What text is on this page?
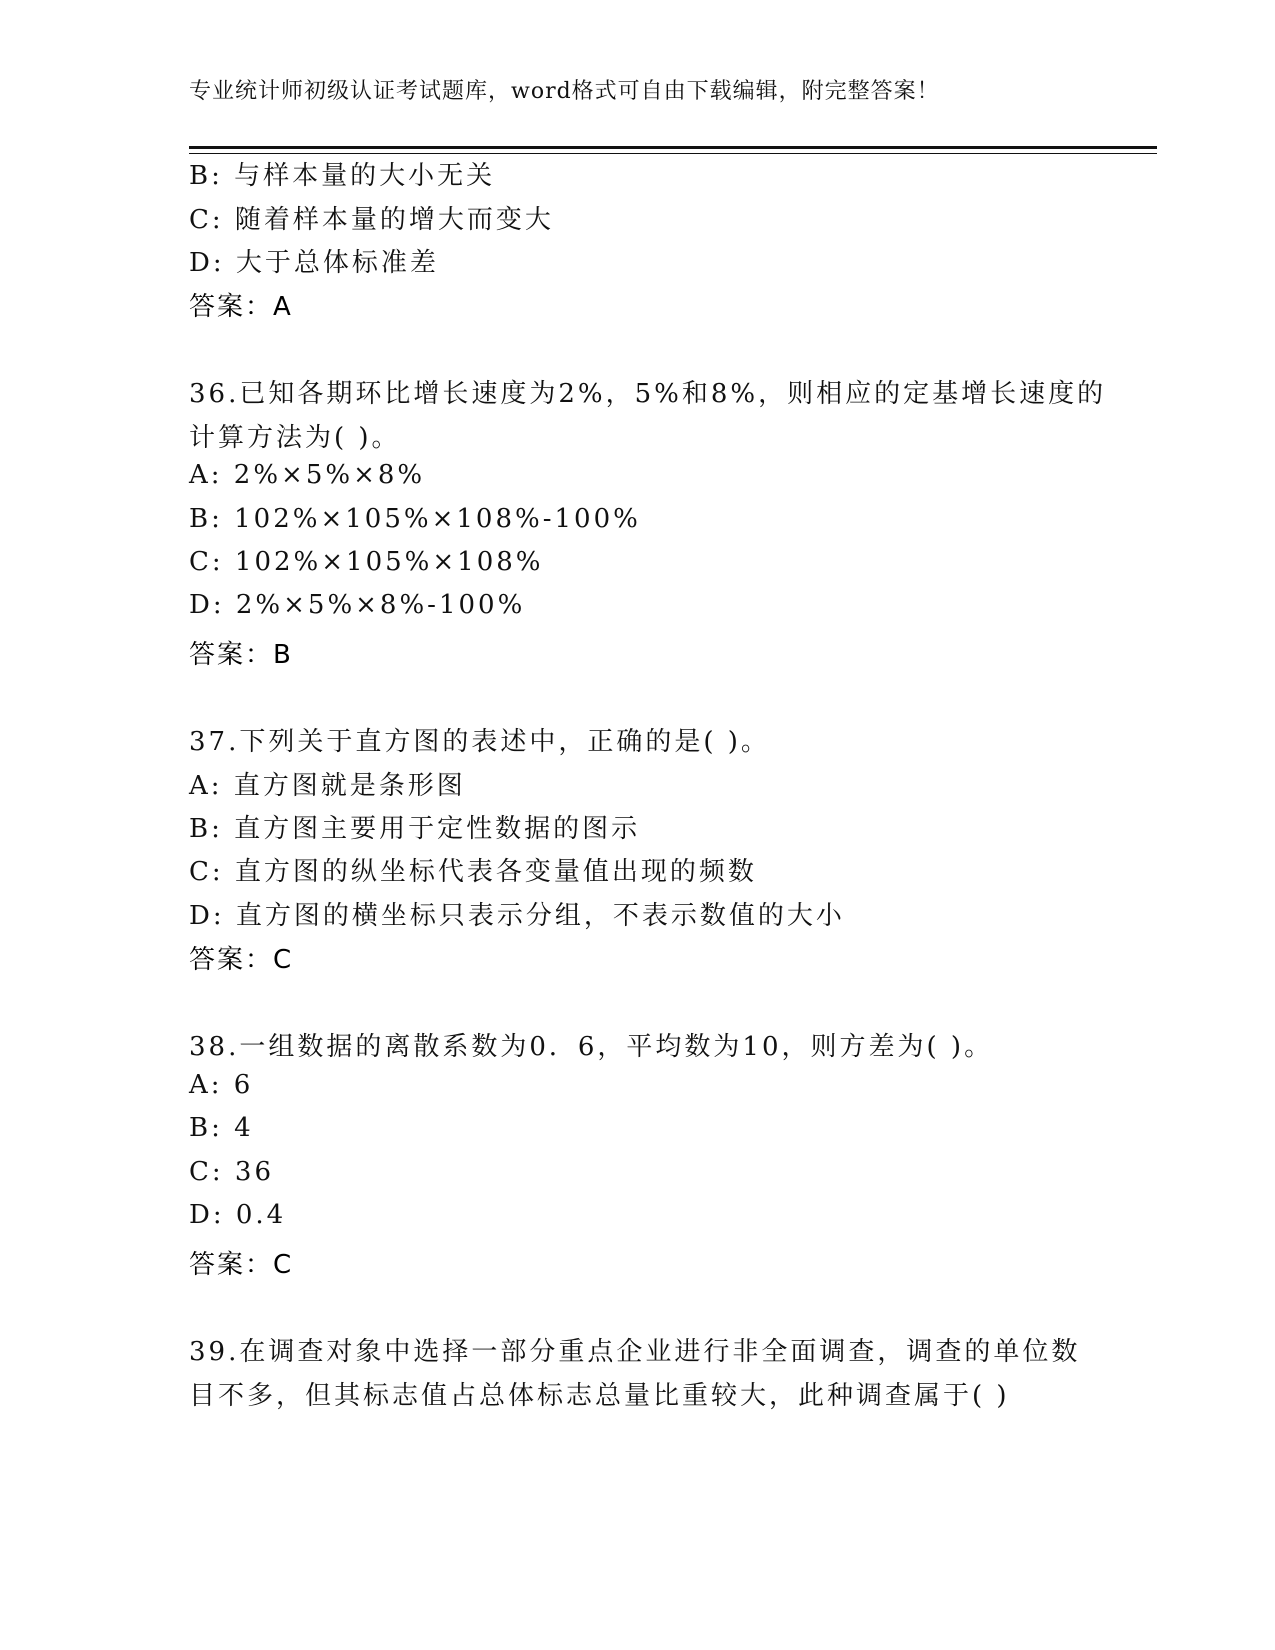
专业统计师初级认证考试题库，word格式可自由下载编辑，附完整答案！
B: 与样本量的大小无关
C: 随着样本量的增大而变大
D: 大于总体标准差
答案：A
36.已知各期环比增长速度为2%，5%和8%，则相应的定基增长速度的
计算方法为( )。
A: 2%×5%×8%
B: 102%×105%×108%-100%
C: 102%×105%×108%
D: 2%×5%×8%-100%
答案：B
37.下列关于直方图的表述中，正确的是( )。
A: 直方图就是条形图
B: 直方图主要用于定性数据的图示
C: 直方图的纵坐标代表各变量值出现的频数
D: 直方图的横坐标只表示分组，不表示数值的大小
答案：C
38.一组数据的离散系数为0．6，平均数为10，则方差为( )。
A: 6
B: 4
C: 36
D: 0.4
答案：C
39.在调查对象中选择一部分重点企业进行非全面调查，调查的单位数
目不多，但其标志值占总体标志总量比重较大，此种调查属于( )
